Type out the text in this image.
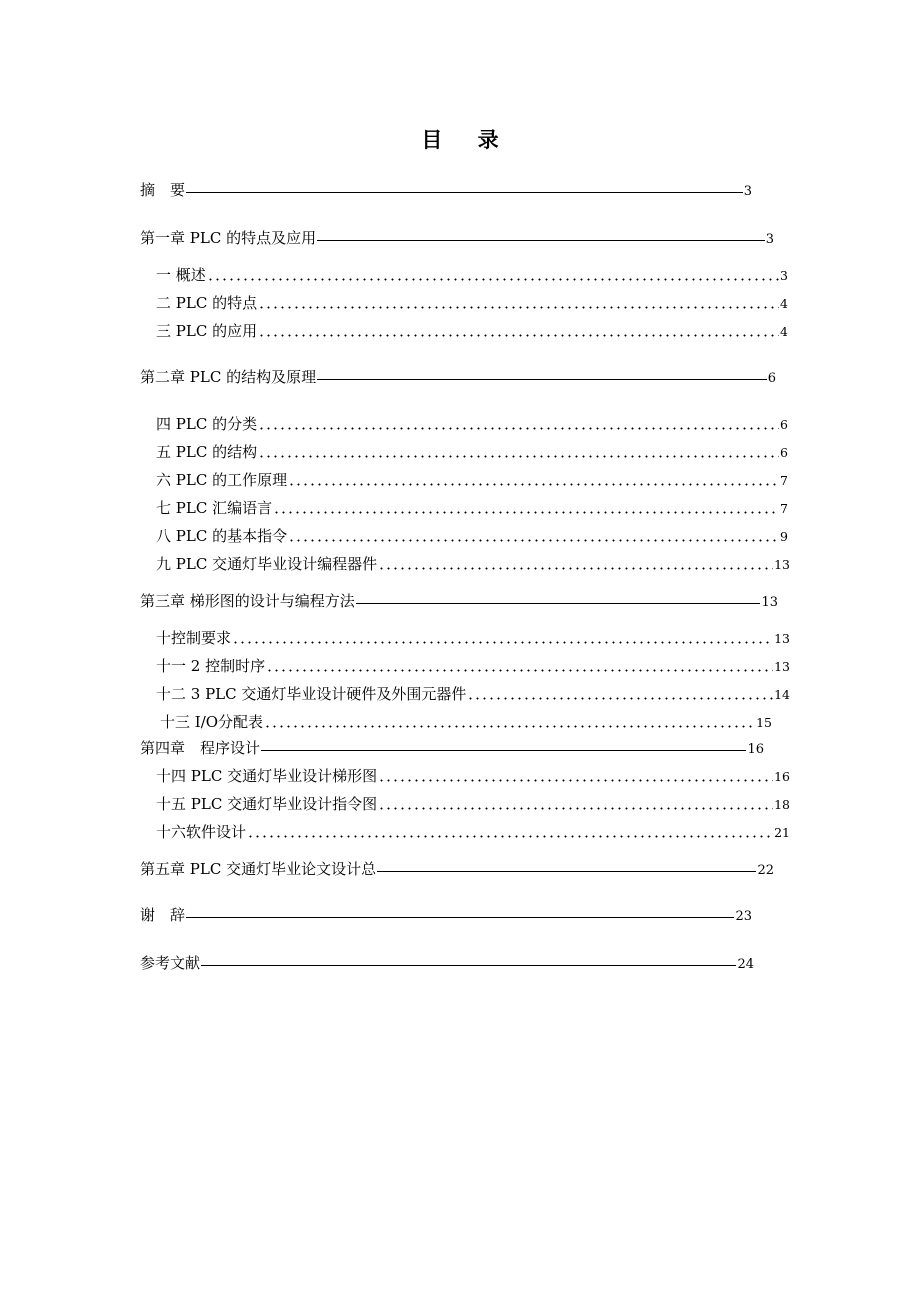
目 录
摘　要	3
第一章 PLC 的特点及应用	3
一 概述	3
二 PLC 的特点	4
三 PLC 的应用	4
第二章 PLC 的结构及原理	6
四 PLC 的分类	6
五 PLC 的结构	6
六 PLC 的工作原理	7
七 PLC 汇编语言	7
八 PLC 的基本指令	9
九 PLC 交通灯毕业设计编程器件	13
第三章 梯形图的设计与编程方法	13
十控制要求	13
十一 2 控制时序	13
十二 3 PLC 交通灯毕业设计硬件及外围元器件	14
十三 I/O分配表	15
第四章　程序设计	16
十四 PLC 交通灯毕业设计梯形图	16
十五 PLC 交通灯毕业设计指令图	18
十六软件设计	21
第五章 PLC 交通灯毕业论文设计总	22
谢　辞	23
参考文献	24
